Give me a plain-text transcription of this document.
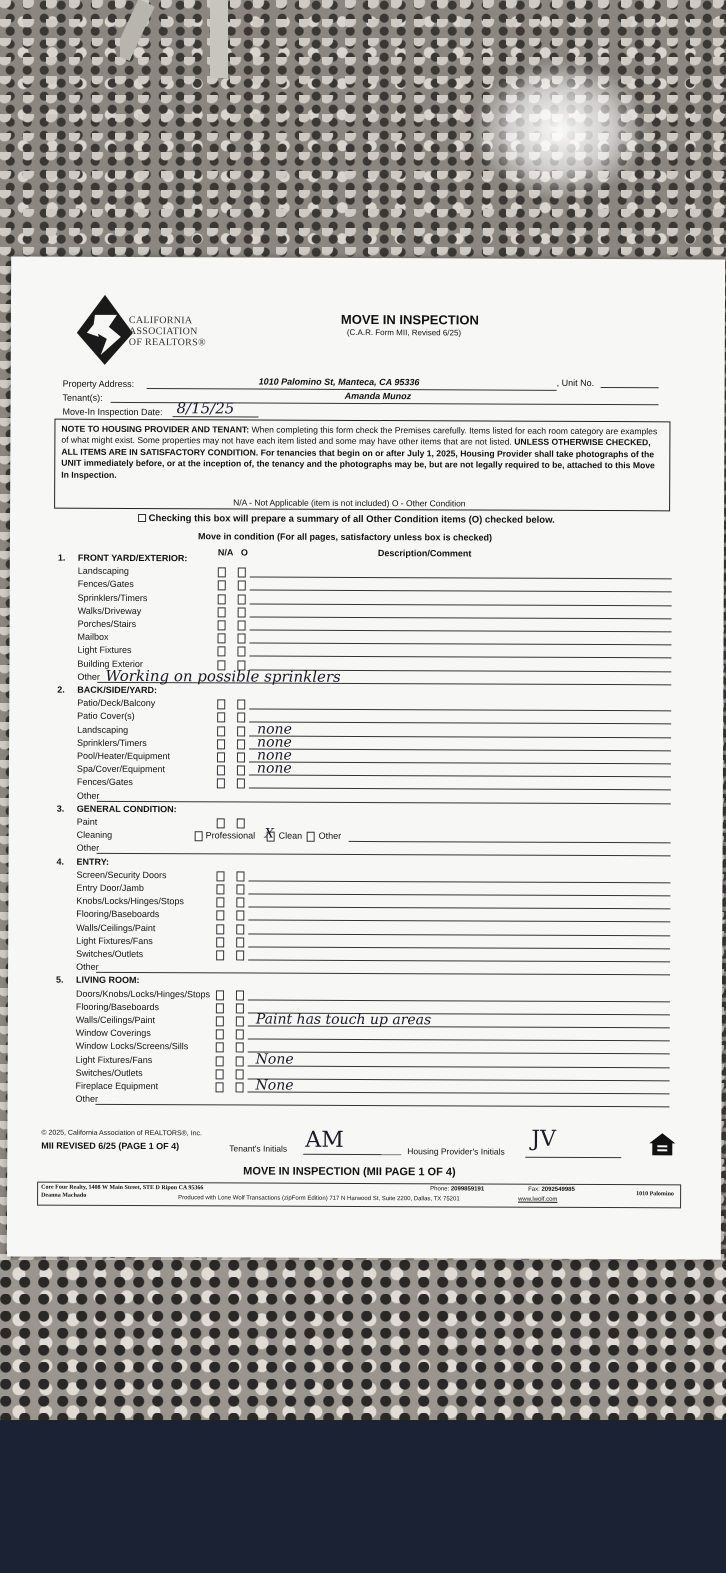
CALIFORNIA
ASSOCIATION
OF REALTORS®
MOVE IN INSPECTION
(C.A.R. Form MII, Revised 6/25)
Property Address:	1010 Palomino St, Manteca, CA 95336	, Unit No.
Tenant(s):	Amanda Munoz
Move-In Inspection Date: 8/15/25
NOTE TO HOUSING PROVIDER AND TENANT: When completing this form check the Premises carefully. Items listed for each room category are examples of what might exist. Some properties may not have each item listed and some may have other items that are not listed. UNLESS OTHERWISE CHECKED, ALL ITEMS ARE IN SATISFACTORY CONDITION. For tenancies that begin on or after July 1, 2025, Housing Provider shall take photographs of the UNIT immediately before, or at the inception of, the tenancy and the photographs may be, but are not legally required to be, attached to this Move In Inspection.
N/A - Not Applicable (item is not included) O - Other Condition
Checking this box will prepare a summary of all Other Condition items (O) checked below.
Move in condition (For all pages, satisfactory unless box is checked)
N/A O	Description/Comment
1. FRONT YARD/EXTERIOR:
Landscaping
Fences/Gates
Sprinklers/Timers
Walks/Driveway
Porches/Stairs
Mailbox
Light Fixtures
Building Exterior
Other Working on possible sprinklers
2. BACK/SIDE/YARD:
Patio/Deck/Balcony
Patio Cover(s)
Landscaping	none
Sprinklers/Timers	none
Pool/Heater/Equipment	none
Spa/Cover/Equipment	none
Fences/Gates
Other
3. GENERAL CONDITION:
Paint
Cleaning	Professional X Clean Other
Other
4. ENTRY:
Screen/Security Doors
Entry Door/Jamb
Knobs/Locks/Hinges/Stops
Flooring/Baseboards
Walls/Ceilings/Paint
Light Fixtures/Fans
Switches/Outlets
Other
5. LIVING ROOM:
Doors/Knobs/Locks/Hinges/Stops
Flooring/Baseboards
Walls/Ceilings/Paint	Paint has touch up areas
Window Coverings
Window Locks/Screens/Sills
Light Fixtures/Fans	None
Switches/Outlets
Fireplace Equipment	None
Other
© 2025, California Association of REALTORS®, Inc.
MII REVISED 6/25 (PAGE 1 OF 4)	Tenant's Initials AM	Housing Provider's Initials JV
MOVE IN INSPECTION (MII PAGE 1 OF 4)
Core Four Realty, 1408 W Main Street, STE D Ripon CA 95366
Deanna Machado
Phone: 2099859191	Fax: 2092549985
1010 Palomino
Produced with Lone Wolf Transactions (zipForm Edition) 717 N Harwood St, Suite 2200, Dallas, TX 75201	www.lwolf.com
